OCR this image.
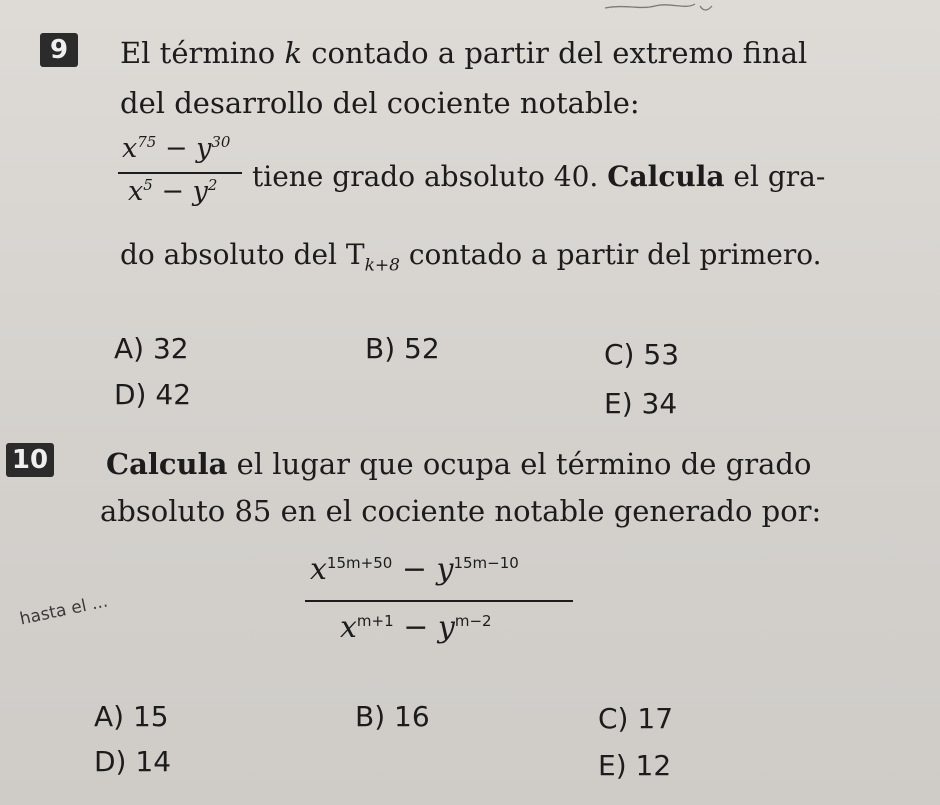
9	El término k contado a partir del extremo final
del desarrollo del cociente notable:
$x^{75} - y^{30}$
$x^5 - y^2$ tiene grado absoluto 40. Calcula el gra-
do absoluto del $T_{k+8}$ contado a partir del primero.
A) 32	B) 52	C) 53
D) 42	E) 34
10 Calcula el lugar que ocupa el término de grado
absoluto 85 en el cociente notable generado por:
$x^{15m+50} - y^{15m-10}$
$x^{m+1} - y^{m-2}$
hasta el ...
A) 15	B) 16	C) 17
D) 14	E) 12
